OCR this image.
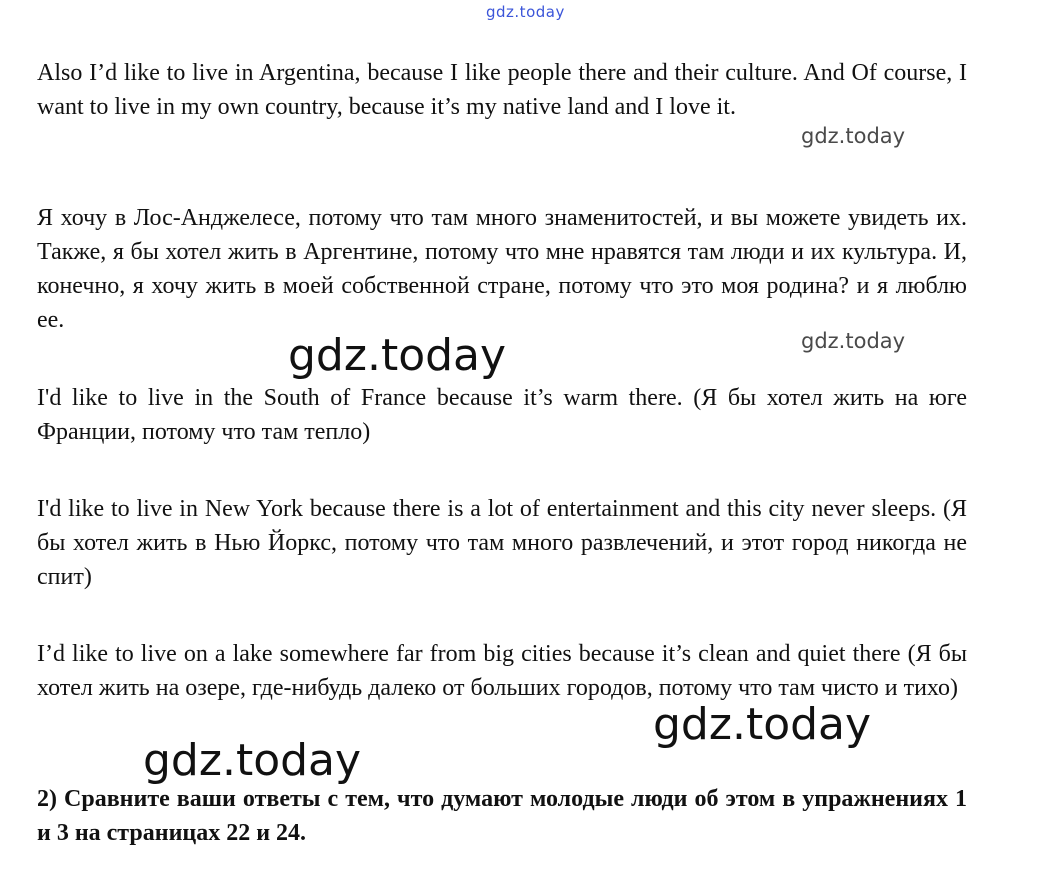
gdz.today

Also I’d like to live in Argentina, because I like people there and their culture. And Of course, I want to live in my own country, because it’s my native land and I love it.

gdz.today

Я хочу в Лос-Анджелесе, потому что там много знаменитостей, и вы можете увидеть их. Также, я бы хотел жить в Аргентине, потому что мне нравятся там люди и их культура. И, конечно, я хочу жить в моей собственной стране, потому что это моя родина? и я люблю ее.

gdz.today
gdz.today

I'd like to live in the South of France because it’s warm there. (Я бы хотел жить на юге Франции, потому что там тепло)

I'd like to live in New York because there is a lot of entertainment and this city never sleeps. (Я бы хотел жить в Нью Йоркс, потому что там много развлечений, и этот город никогда не спит)

I’d like to live on a lake somewhere far from big cities because it’s clean and quiet there (Я бы хотел жить на озере, где-нибудь далеко от больших городов, потому что там чисто и тихо)

gdz.today
gdz.today

2) Сравните ваши ответы с тем, что думают молодые люди об этом в упражнениях 1 и 3 на страницах 22 и 24.
